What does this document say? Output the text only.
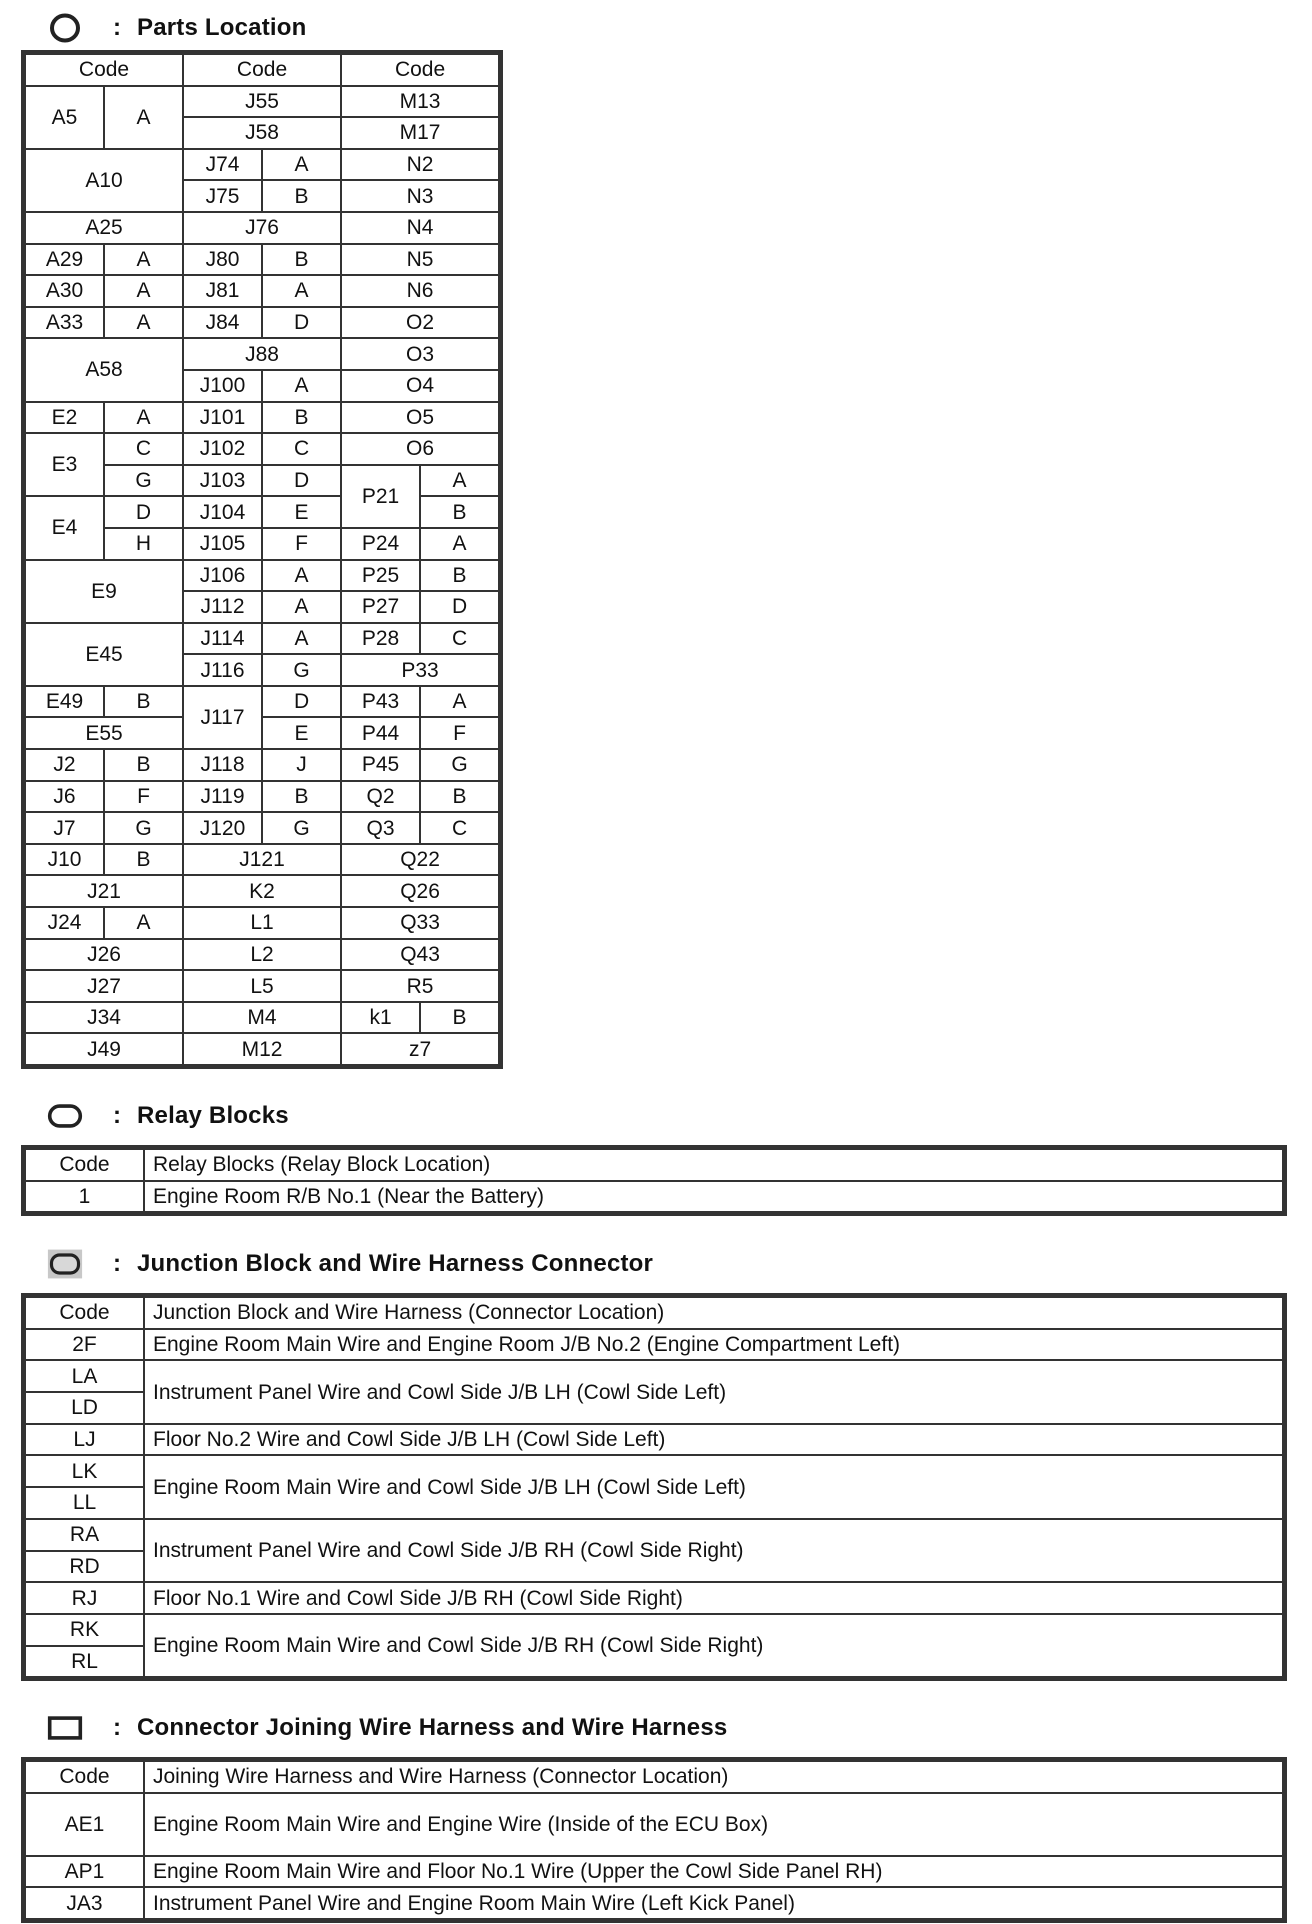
: Parts Location
Code		Code		Code	
A5	A	J55		M13	
		J58		M17	
A10		J74	A	N2	
		J75	B	N3	
A25		J76		N4	
A29	A	J80	B	N5	
A30	A	J81	A	N6	
A33	A	J84	D	O2	
A58		J88		O3	
		J100	A	O4	
E2	A	J101	B	O5	
E3	C	J102	C	O6	
	G	J103	D	P21	A
E4	D	J104	E		B
	H	J105	F	P24	A
E9		J106	A	P25	B
		J112	A	P27	D
E45		J114	A	P28	C
		J116	G	P33	
E49	B	J117	D	P43	A
E55			E	P44	F
J2	B	J118	J	P45	G
J6	F	J119	B	Q2	B
J7	G	J120	G	Q3	C
J10	B	J121		Q22	
J21		K2		Q26	
J24	A	L1		Q33	
J26		L2		Q43	
J27		L5		R5	
J34		M4		k1	B
J49		M12		z7	
: Relay Blocks
Code	Relay Blocks (Relay Block Location)
1	Engine Room R/B No.1 (Near the Battery)
: Junction Block and Wire Harness Connector
Code	Junction Block and Wire Harness (Connector Location)
2F	Engine Room Main Wire and Engine Room J/B No.2 (Engine Compartment Left)
LA	Instrument Panel Wire and Cowl Side J/B LH (Cowl Side Left)
LD	
LJ	Floor No.2 Wire and Cowl Side J/B LH (Cowl Side Left)
LK	Engine Room Main Wire and Cowl Side J/B LH (Cowl Side Left)
LL	
RA	Instrument Panel Wire and Cowl Side J/B RH (Cowl Side Right)
RD	
RJ	Floor No.1 Wire and Cowl Side J/B RH (Cowl Side Right)
RK	Engine Room Main Wire and Cowl Side J/B RH (Cowl Side Right)
RL	
: Connector Joining Wire Harness and Wire Harness
Code	Joining Wire Harness and Wire Harness (Connector Location)
AE1	Engine Room Main Wire and Engine Wire (Inside of the ECU Box)
AP1	Engine Room Main Wire and Floor No.1 Wire (Upper the Cowl Side Panel RH)
JA3	Instrument Panel Wire and Engine Room Main Wire (Left Kick Panel)
